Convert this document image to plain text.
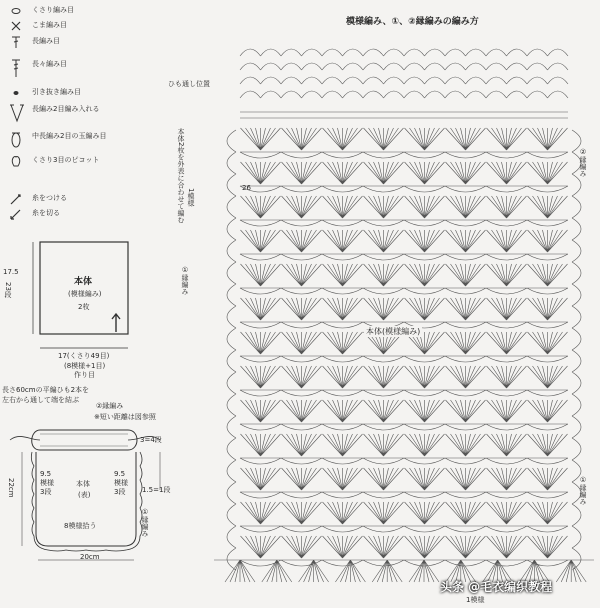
模様編み、①、②縁編みの編み方
くさり編み目
こま編み目
長編み目
長々編み目
引き抜き編み目
長編み2目編み入れる
中長編み2目の玉編み目
くさり3目のピコット
糸をつける
糸を切る
本体
(模様編み)
2枚
17.5
23段
17(くさり49目)
(8模様+1目)
作り目
長さ60cmの平編ひも2本を
左右から通して端を結ぶ
②縁編み
※短い距離は図参照
3=4段
本体
(表)
9.5
模様
3段
9.5
模様
3段	1.5=1段
8模様拾う	①縁編み
22cm
20cm
ひも通し位置
本体2枚を外表に合わせて編む 1模様
①縁編み
26
本体(模様編み)
②縁編み
①縁編み
1模様
头条 @毛衣编织教程
